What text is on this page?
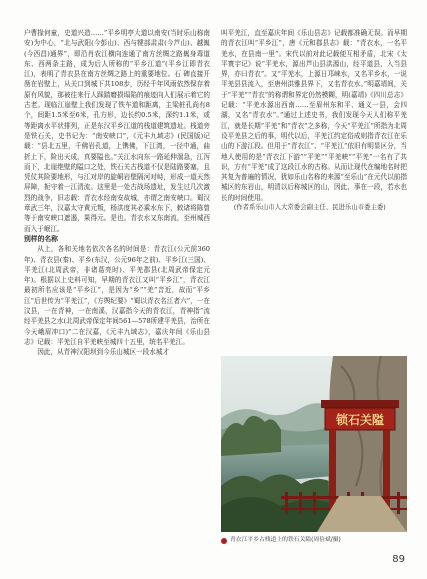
户曹掾何童，史道兴造……”平乡明亭大道以南安(当时乐山称南安)为中心，“北与武阳(今彭山)、西与犍部肃肃(今芦山)、越嶲(今西昌)通界”，即沿肖农江横向连通了南方丝绸之路嶲身毒道东、西两条主路，成为后人所称的“平乡江道”(平乡江即青衣江)，表明了青衣县在南方丝绸之路上的重要地位。石 碑直接开凿在岩壁上，从关口到城下共108步，历经千年风雨依然保存着原有风貌，那被往来行人踩踏磨损塌陷的痕迹向人们展示着它的古老。现临江崖壁上我们发现了铁车道和距离，主梁桩孔尚有8个，间距1.5米至6米，孔方形，边长约0.5米，深约1.1米，或等距离水平状排列，正是东汉平乡江道的栈道建筑遗址。栈道旁是铁石关，史书记为：“南安峡口”，《元丰九域志》(民国版)记载：“县北五里，千佛岩孔道，上镌佛，下江湾，一径中通，曲折上下，险出天成，真要隘也。”关江水向东一路延伸湍急，江泻而下，北崖绝壁的隘口之处，铁石关古栈道不仅是陆路要塞，且凭仗其险要地形，与江对岸的旋峒岩壁隔河对峙，形成一道天然屏障，扼守着一江清流。这里是一处古战场遗址，发生过几次激烈的战争，旧志载：青衣水经南安故城，亦谓之南安峡口。蜀汉章武三年，汉嘉太守黄元叛，杨洪度其必乘水东下，敕诸将陈曾等于南安峡口遮遏，果得元。是也。青衣水又东南流，至州城西而入于岷江。

别样的名称

从上，各和关地名依次各名的时间是：青衣江(公元前360年)、青衣县(秦)、平乡(东汉，公元96年之前)、平乡江(三国)、平羌江(北周武帝，非诸葛亮时)、平羌郡县(北周武帝保定元年)。根据以上史料可知，早期的青衣江又叫“平乡江”，青衣江最初所名应该是“平乡江”，是因为“乡”“羌”音近，故而“平乡江”后世传为“平羌江”，《方舆纪要》“蜀以青衣名江者六”，一在汶县，一在青神，一在南溪，汉嘉指今天的青衣江，青神指“流经平羌县之水(北周武帝保定年间561—578所建平羌县，治所在今天峨眉冲口)”二在汉嘉，《元丰九域志》，嘉庆年间《乐山县志》记载：平羌江自平羌峡至城四十五里，统名平羌江。

因此，从青神汉阳坝到今乐山城区一段水城才

叫平羌江，直至嘉庆年间《乐山县志》记载都准确无误。而早期的青衣江叫“平乡江”，唐《元和郡县志》载：“青衣水，一名平羌水，在县南一里”。宋代以前对此记载便互相矛盾，北宋《太平寰宇记》说“平羌水，源出芦山县洪源山，经平道县，入当县界，亦曰青衣”。又“平羌水，上源日邛崃水，又名平乡水，一说平羌县县流入，至唐州洪雅县界下，又名青衣水。”明嘉靖间，关于“平羌”“青衣”的称谓和界定仍然模糊，明(嘉靖)《四川总志》记载：“平羌水源出西南……至眉州东和平、通义一县，会四湖，又名“青衣水”。”通过上述史书，我们发现今天人们称平羌江，就是长期“平羌”和“青衣”之多称，今天“平羌江”所指为北周设平羌县之后的事，明代以后，平羌江约定俗成则指青衣江在乐山的下游江段。但用于“青衣江”、“平羌江”依旧有明显区分，当地人使用的是“青衣江下游”“平羌”“平羌峡”“平羌”一名有了共识，方有“平羌”成了这段江水的古称。从而让现代在编地名时把其复为普遍的情况，犹如乐山名称的来源“至乐山”在元代以前指城区的东岩山，明清以后称城区的山，因此，事在一段，若水也长的时间使用。

(作者系乐山市人大常委会副主任、民进乐山市委主委)

锁石关隘
青衣江平乡古栈道上的铁石关隘(周俭斌/摄)
89
